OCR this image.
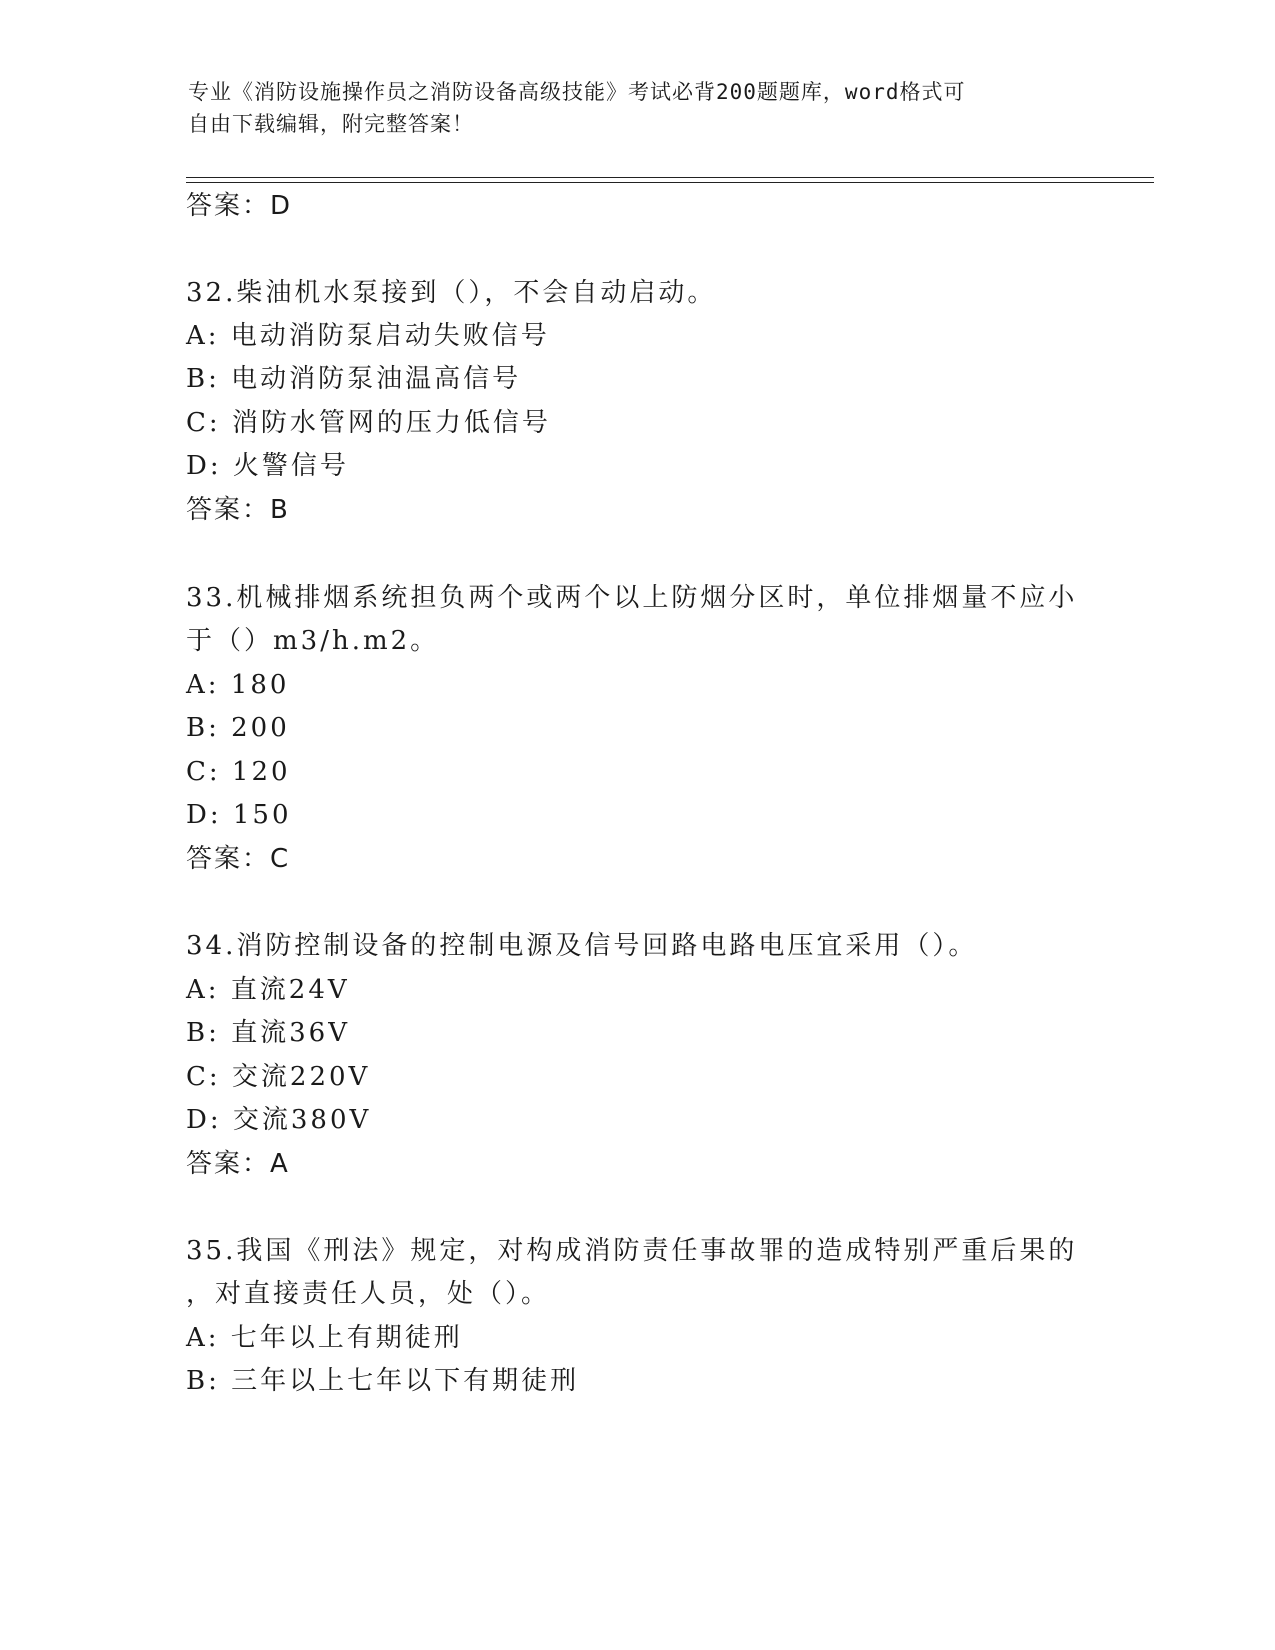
专业《消防设施操作员之消防设备高级技能》考试必背200题题库，word格式可
自由下载编辑，附完整答案！
答案：D
32.柴油机水泵接到（），不会自动启动。
A: 电动消防泵启动失败信号
B: 电动消防泵油温高信号
C: 消防水管网的压力低信号
D: 火警信号
答案：B
33.机械排烟系统担负两个或两个以上防烟分区时，单位排烟量不应小
于（）m3/h.m2。
A: 180
B: 200
C: 120
D: 150
答案：C
34.消防控制设备的控制电源及信号回路电路电压宜采用（）。
A: 直流24V
B: 直流36V
C: 交流220V
D: 交流380V
答案：A
35.我国《刑法》规定，对构成消防责任事故罪的造成特别严重后果的
，对直接责任人员，处（）。
A: 七年以上有期徒刑
B: 三年以上七年以下有期徒刑
